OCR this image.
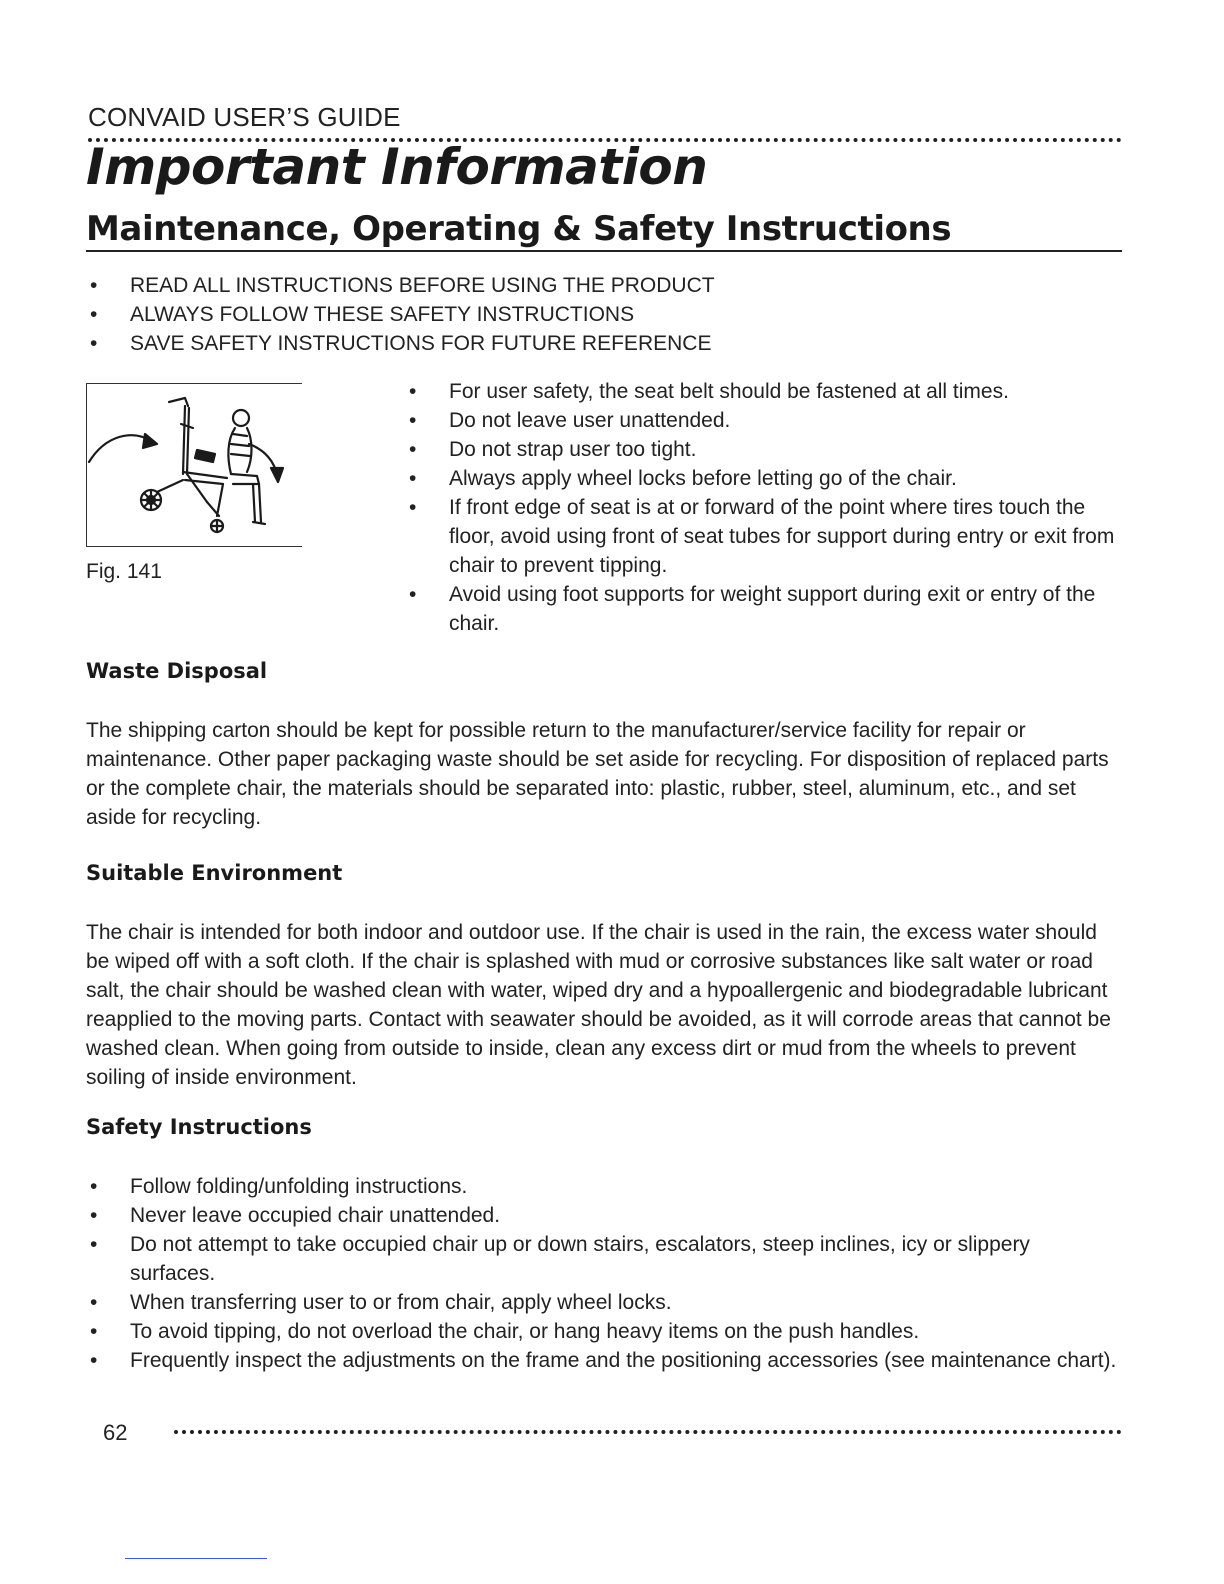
CONVAID USER’S GUIDE
Important Information
Maintenance, Operating & Safety Instructions
• READ ALL INSTRUCTIONS BEFORE USING THE PRODUCT
• ALWAYS FOLLOW THESE SAFETY INSTRUCTIONS
• SAVE SAFETY INSTRUCTIONS FOR FUTURE REFERENCE
Fig. 141
• For user safety, the seat belt should be fastened at all times.
• Do not leave user unattended.
• Do not strap user too tight.
• Always apply wheel locks before letting go of the chair.
• If front edge of seat is at or forward of the point where tires touch the floor, avoid using front of seat tubes for support during entry or exit from chair to prevent tipping.
• Avoid using foot supports for weight support during exit or entry of the chair.
Waste Disposal

The shipping carton should be kept for possible return to the manufacturer/service facility for repair or maintenance. Other paper packaging waste should be set aside for recycling. For disposition of replaced parts or the complete chair, the materials should be separated into: plastic, rubber, steel, aluminum, etc., and set aside for recycling.

Suitable Environment

The chair is intended for both indoor and outdoor use. If the chair is used in the rain, the excess water should be wiped off with a soft cloth. If the chair is splashed with mud or corrosive substances like salt water or road salt, the chair should be washed clean with water, wiped dry and a hypoallergenic and biodegradable lubricant reapplied to the moving parts. Contact with seawater should be avoided, as it will corrode areas that cannot be washed clean. When going from outside to inside, clean any excess dirt or mud from the wheels to prevent soiling of inside environment.

Safety Instructions
• Follow folding/unfolding instructions.
• Never leave occupied chair unattended.
• Do not attempt to take occupied chair up or down stairs, escalators, steep inclines, icy or slippery surfaces.
• When transferring user to or from chair, apply wheel locks.
• To avoid tipping, do not overload the chair, or hang heavy items on the push handles.
• Frequently inspect the adjustments on the frame and the positioning accessories (see maintenance chart).
62
